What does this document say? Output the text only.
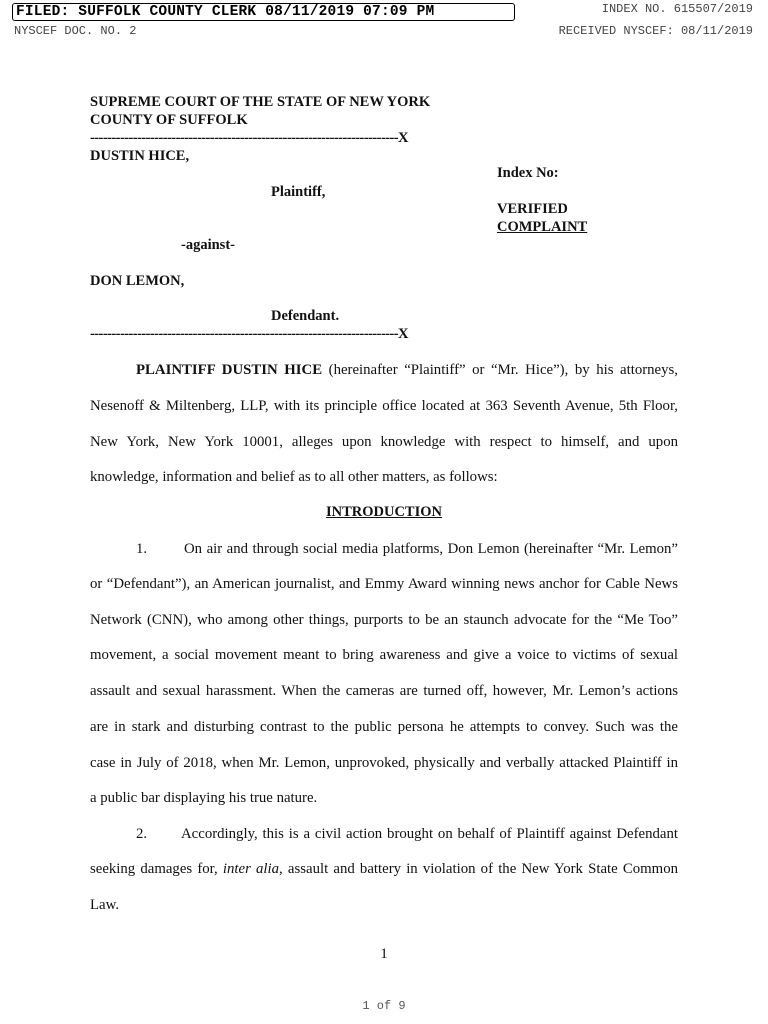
FILED: SUFFOLK COUNTY CLERK 08/11/2019 07:09 PM	INDEX NO. 615507/2019
NYSCEF DOC. NO. 2	RECEIVED NYSCEF: 08/11/2019
SUPREME COURT OF THE STATE OF NEW YORK
COUNTY OF SUFFOLK
------------------------------------------------------------------------X
DUSTIN HICE,
Plaintiff,
-against-
DON LEMON,
Defendant.
------------------------------------------------------------------------X
Index No:
VERIFIED
COMPLAINT
PLAINTIFF DUSTIN HICE (hereinafter “Plaintiff” or “Mr. Hice”), by his attorneys,
Nesenoff & Miltenberg, LLP, with its principle office located at 363 Seventh Avenue, 5th Floor,
New York, New York 10001, alleges upon knowledge with respect to himself, and upon
knowledge, information and belief as to all other matters, as follows:
INTRODUCTION
1. On air and through social media platforms, Don Lemon (hereinafter “Mr. Lemon”
or “Defendant”), an American journalist, and Emmy Award winning news anchor for Cable News
Network (CNN), who among other things, purports to be an staunch advocate for the “Me Too”
movement, a social movement meant to bring awareness and give a voice to victims of sexual
assault and sexual harassment. When the cameras are turned off, however, Mr. Lemon’s actions
are in stark and disturbing contrast to the public persona he attempts to convey. Such was the
case in July of 2018, when Mr. Lemon, unprovoked, physically and verbally attacked Plaintiff in
a public bar displaying his true nature.
2. Accordingly, this is a civil action brought on behalf of Plaintiff against Defendant
seeking damages for, inter alia, assault and battery in violation of the New York State Common
Law.
1
1 of 9
